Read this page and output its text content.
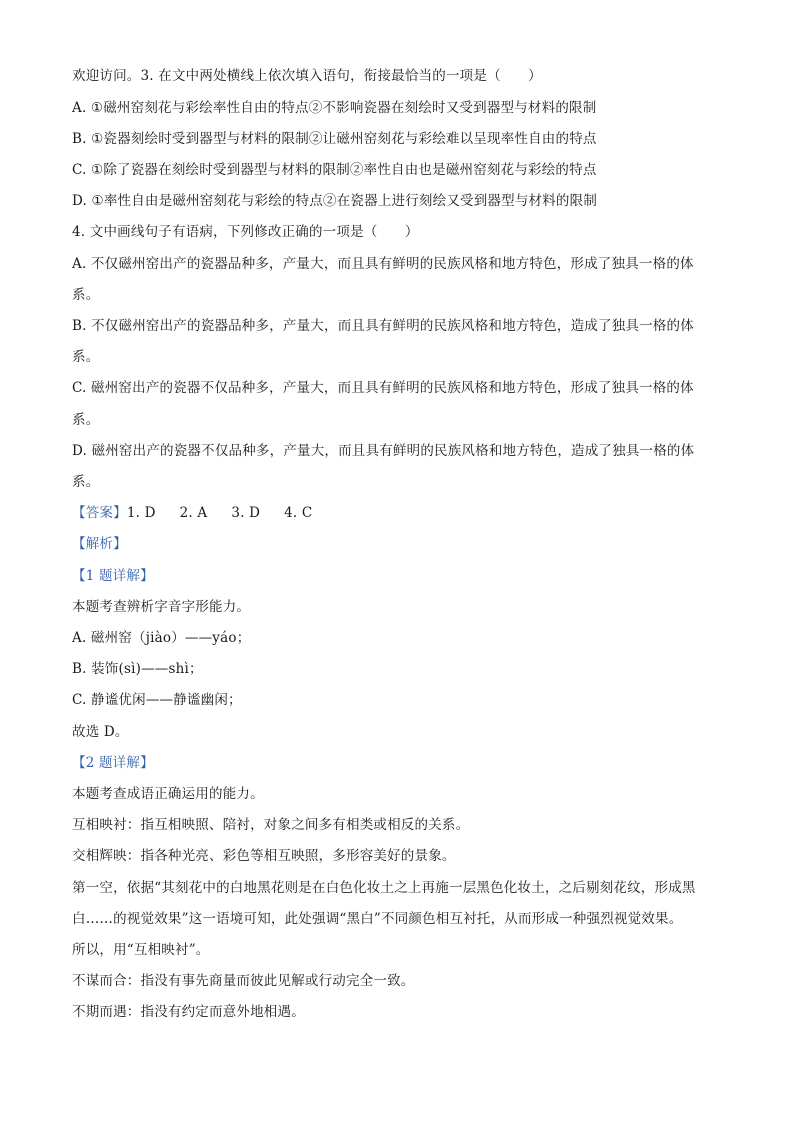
欢迎访问。3. 在文中两处横线上依次填入语句，衔接最恰当的一项是（　　）
A. ①磁州窑刻花与彩绘率性自由的特点②不影响瓷器在刻绘时又受到器型与材料的限制
B. ①瓷器刻绘时受到器型与材料的限制②让磁州窑刻花与彩绘难以呈现率性自由的特点
C. ①除了瓷器在刻绘时受到器型与材料的限制②率性自由也是磁州窑刻花与彩绘的特点
D. ①率性自由是磁州窑刻花与彩绘的特点②在瓷器上进行刻绘又受到器型与材料的限制
4. 文中画线句子有语病，下列修改正确的一项是（　　）
A. 不仅磁州窑出产的瓷器品种多，产量大，而且具有鲜明的民族风格和地方特色，形成了独具一格的体
系。
B. 不仅磁州窑出产的瓷器品种多，产量大，而且具有鲜明的民族风格和地方特色，造成了独具一格的体
系。
C. 磁州窑出产的瓷器不仅品种多，产量大，而且具有鲜明的民族风格和地方特色，形成了独具一格的体
系。
D. 磁州窑出产的瓷器不仅品种多，产量大，而且具有鲜明的民族风格和地方特色，造成了独具一格的体
系。
【答案】1. D 2. A 3. D 4. C
【解析】
【1 题详解】
本题考查辨析字音字形能力。
A. 磁州窑（jiào）——yáo；
B. 装饰(sì)——shì；
C. 静谧优闲——静谧幽闲；
故选 D。
【2 题详解】
本题考查成语正确运用的能力。
互相映衬：指互相映照、陪衬，对象之间多有相类或相反的关系。
交相辉映：指各种光亮、彩色等相互映照，多形容美好的景象。
第一空，依据“其刻花中的白地黑花则是在白色化妆土之上再施一层黑色化妆土，之后剔刻花纹，形成黑
白……的视觉效果”这一语境可知，此处强调“黑白”不同颜色相互衬托，从而形成一种强烈视觉效果。
所以，用“互相映衬”。
不谋而合：指没有事先商量而彼此见解或行动完全一致。
不期而遇：指没有约定而意外地相遇。
